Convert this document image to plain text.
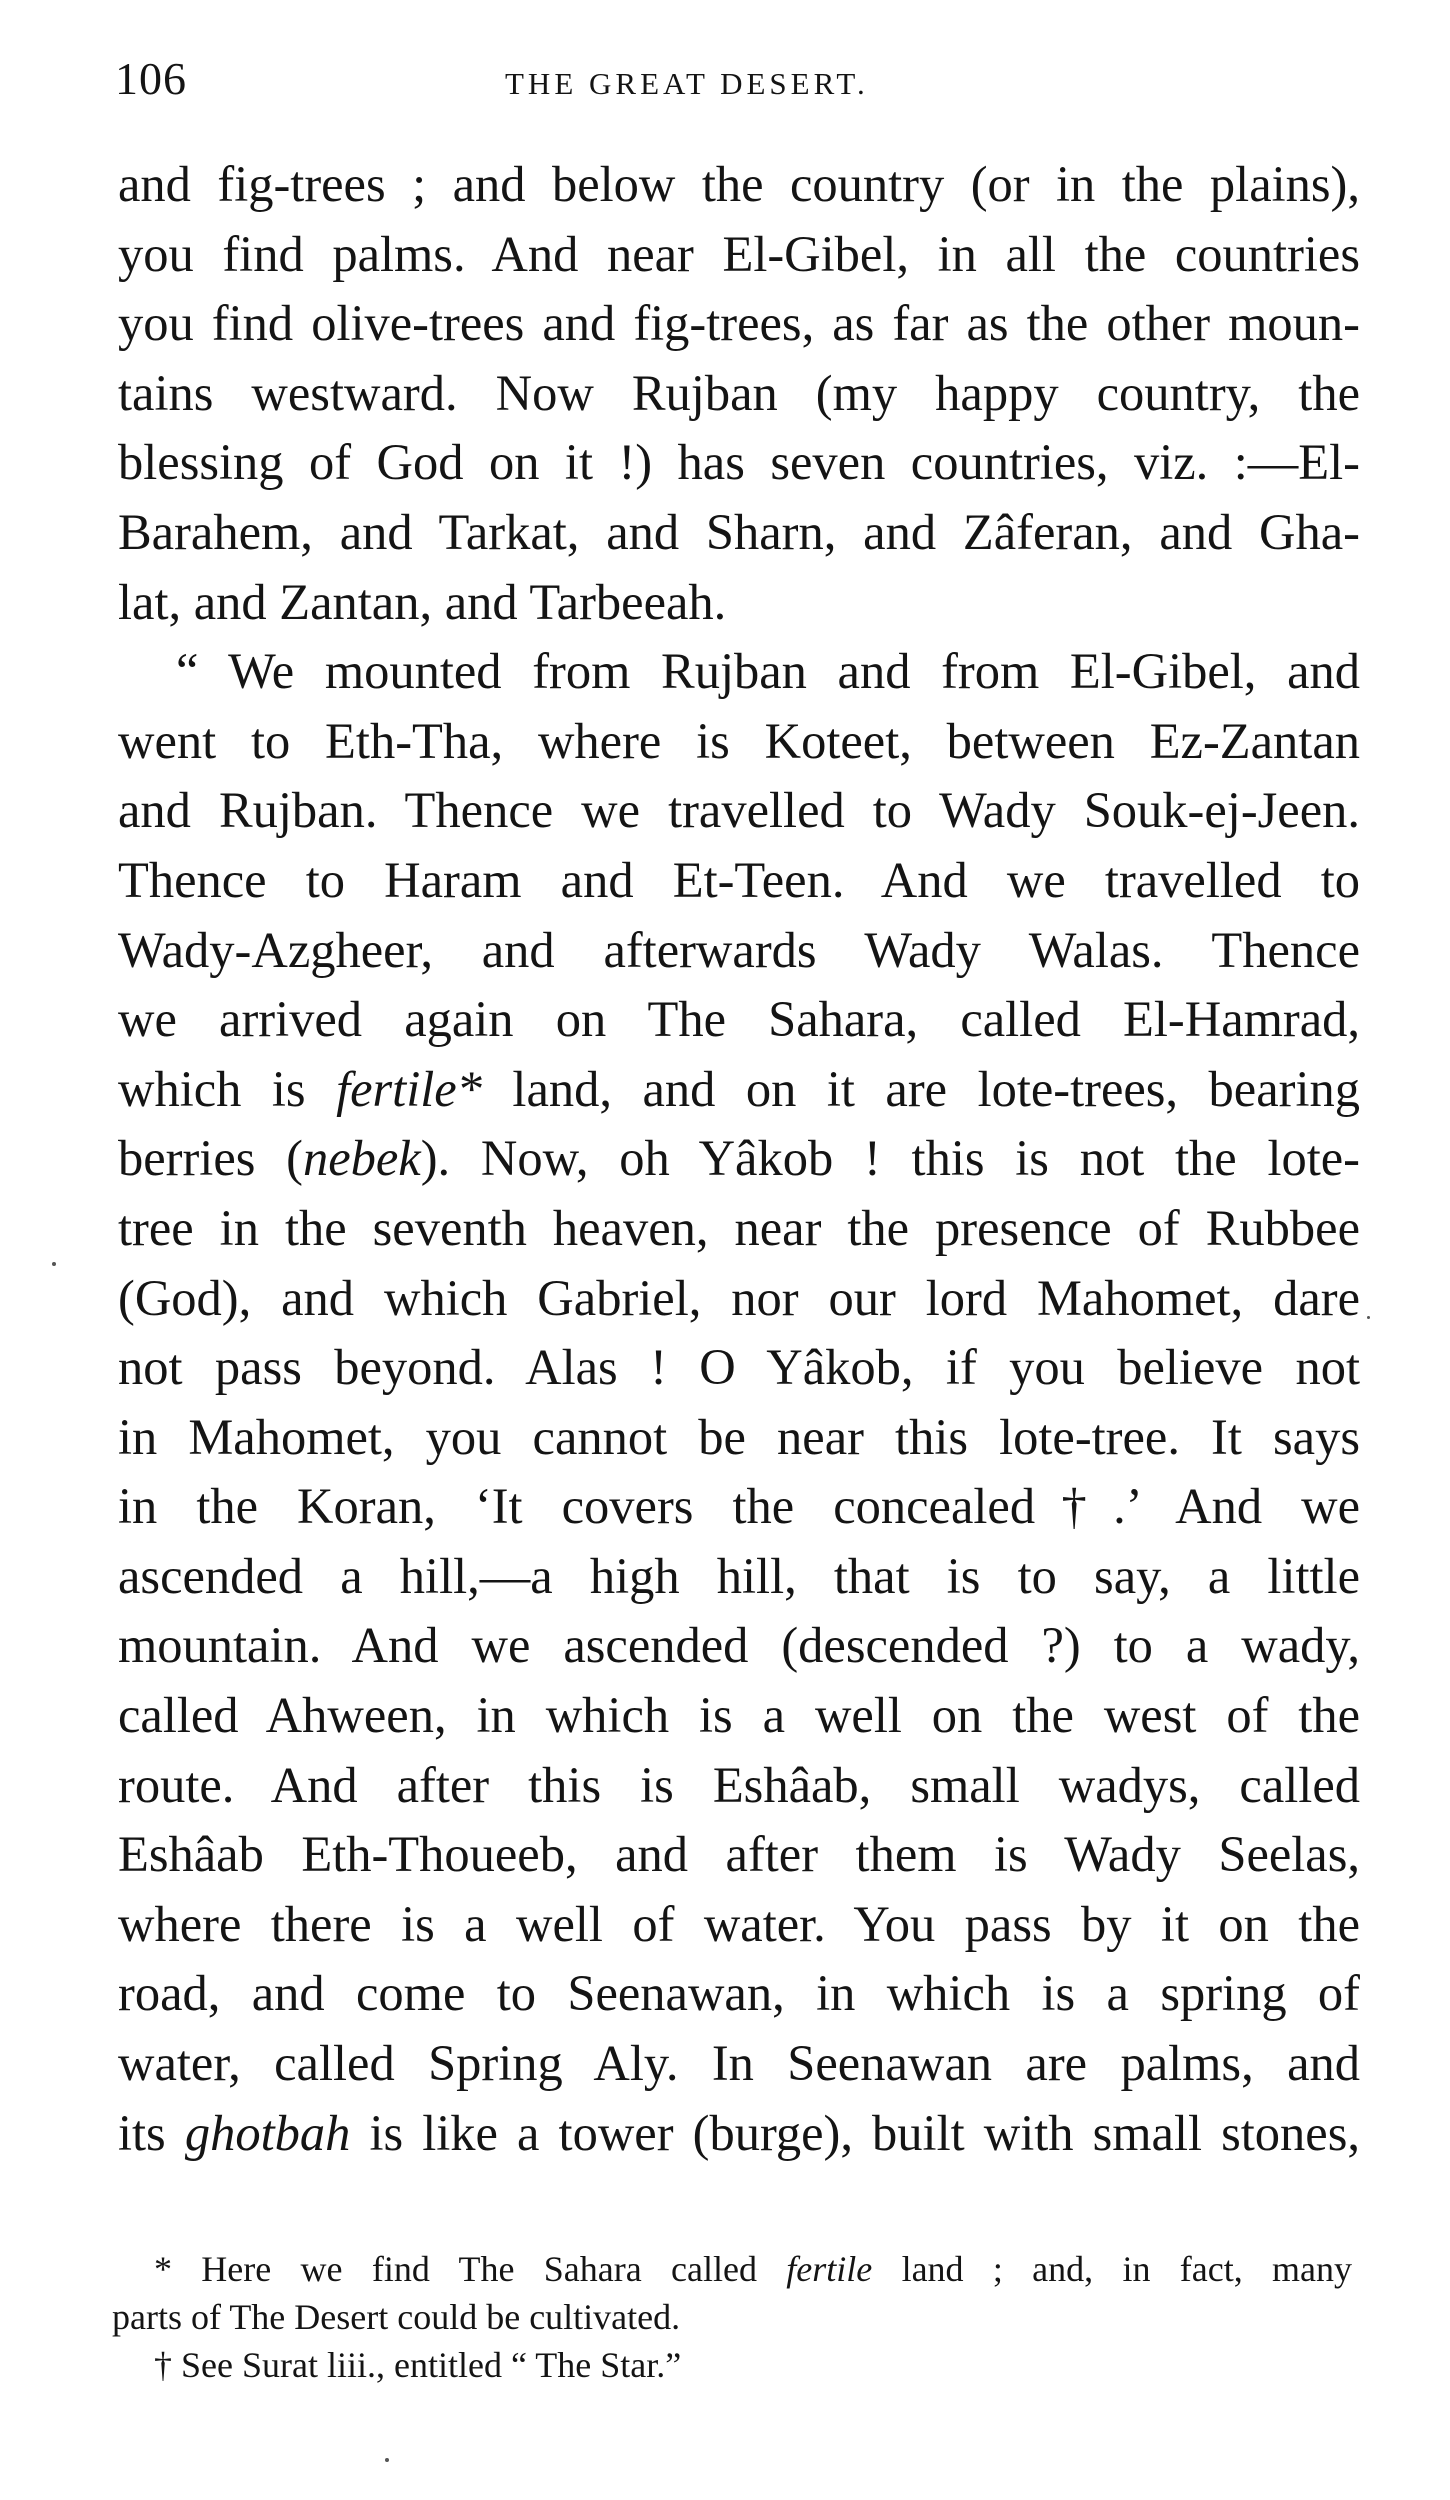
106	THE GREAT DESERT.
and fig-trees ; and below the country (or in the plains),
you find palms. And near El-Gibel, in all the countries
you find olive-trees and fig-trees, as far as the other moun-
tains westward. Now Rujban (my happy country, the
blessing of God on it !) has seven countries, viz. :—El-
Barahem, and Tarkat, and Sharn, and Zâferan, and Gha-
lat, and Zantan, and Tarbeeah.
“ We mounted from Rujban and from El-Gibel, and
went to Eth-Tha, where is Koteet, between Ez-Zantan
and Rujban. Thence we travelled to Wady Souk-ej-Jeen.
Thence to Haram and Et-Teen. And we travelled to
Wady-Azgheer, and afterwards Wady Walas. Thence
we arrived again on The Sahara, called El-Hamrad,
which is fertile* land, and on it are lote-trees, bearing
berries (nebek). Now, oh Yâkob ! this is not the lote-
tree in the seventh heaven, near the presence of Rubbee
(God), and which Gabriel, nor our lord Mahomet, dare
not pass beyond. Alas ! O Yâkob, if you believe not
in Mahomet, you cannot be near this lote-tree. It says
in the Koran, ‘It covers the concealed†.’ And we
ascended a hill,—a high hill, that is to say, a little
mountain. And we ascended (descended ?) to a wady,
called Ahween, in which is a well on the west of the
route. And after this is Eshâab, small wadys, called
Eshâab Eth-Thoueeb, and after them is Wady Seelas,
where there is a well of water. You pass by it on the
road, and come to Seenawan, in which is a spring of
water, called Spring Aly. In Seenawan are palms, and
its ghotbah is like a tower (burge), built with small stones,
* Here we find The Sahara called fertile land ; and, in fact, many
parts of The Desert could be cultivated.
† See Surat liii., entitled “ The Star.”
